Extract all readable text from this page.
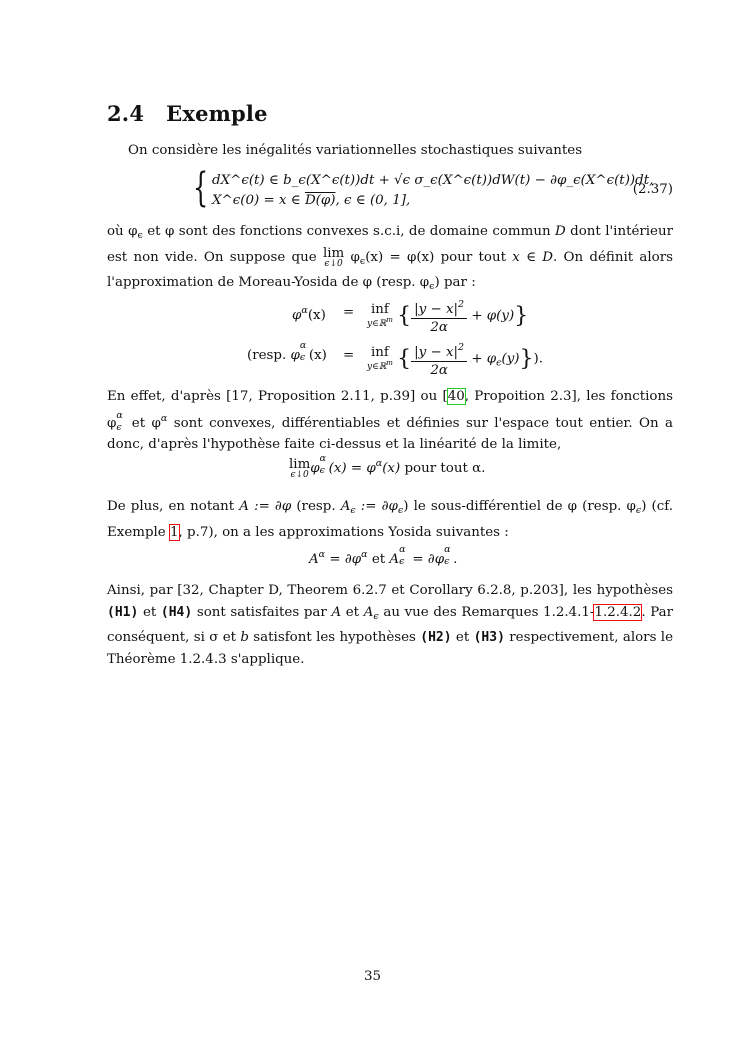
2.4 Exemple
On considère les inégalités variationnelles stochastiques suivantes
{ dX^ϵ(t) ∈ b_ϵ(X^ϵ(t))dt + √ϵ σ_ϵ(X^ϵ(t))dW(t) − ∂φ_ϵ(X^ϵ(t))dt,
X^ϵ(0) = x ∈ D(φ), ϵ ∈ (0, 1],
(2.37)
où $\varphi_\epsilon$ et φ sont des fonctions convexes s.c.i, de domaine commun D dont l'intérieur est non vide. On suppose que lim
ϵ↓0 $\varphi_\epsilon(x) = \varphi(x)$ pour tout x ∈ D. On définit alors l'approximation de Moreau-Yosida de φ (resp. $\varphi_\epsilon$) par :
$\varphi^\alpha(x)$ = inf
y∈ℝ$^m$ { $\frac{|y - x|^2}{2\alpha} + \varphi(y)$}
(resp. φ
α
ϵ (x) = inf
y∈ℝ$^m$ { $\frac{|y - x|^2}{2\alpha} + \varphi_\epsilon(y)$}).
En effet, d'après [17, Proposition 2.11, p.39] ou [40, Propoition 2.3], les fonctions φ
α
ϵ et $\varphi^\alpha$ sont convexes, différentiables et définies sur l'espace tout entier. On a donc, d'après l'hypothèse faite ci-dessus et la linéarité de la limite,
lim
ϵ↓0 φ
α
ϵ $(x) = \varphi^\alpha(x)$ pour tout α.
De plus, en notant A := ∂φ (resp. $A_\epsilon$ := $\partial\varphi_\epsilon$) le sous-différentiel de φ (resp. $\varphi_\epsilon$) (cf. Exemple 1, p.7), on a les approximations Yosida suivantes :
$A^\alpha = \partial\varphi^\alpha$ et A
α
ϵ = ∂φ
α
ϵ .
Ainsi, par [32, Chapter D, Theorem 6.2.7 et Corollary 6.2.8, p.203], les hypothèses (H1) et (H4) sont satisfaites par A et $A_\epsilon$ au vue des Remarques 1.2.4.1-1.2.4.2. Par conséquent, si σ et b satisfont les hypothèses (H2) et (H3) respectivement, alors le Théorème 1.2.4.3 s'applique.
35
